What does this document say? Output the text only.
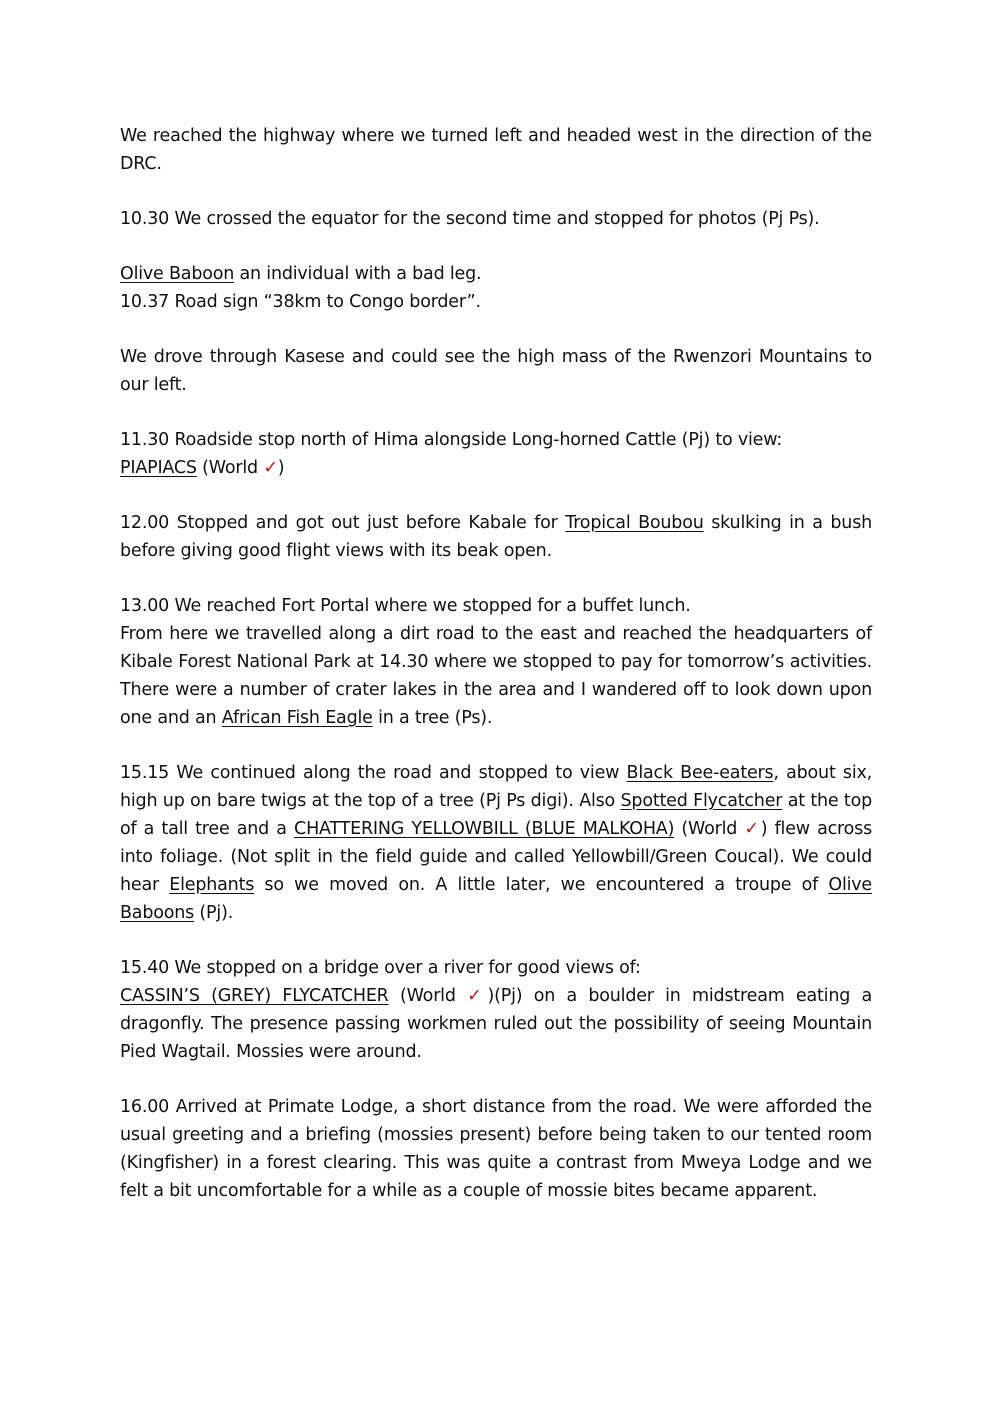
We reached the highway where we turned left and headed west in the direction of the DRC.

10.30 We crossed the equator for the second time and stopped for photos (Pj Ps).

Olive Baboon an individual with a bad leg.

10.37 Road sign “38km to Congo border”.

We drove through Kasese and could see the high mass of the Rwenzori Mountains to our left.

11.30 Roadside stop north of Hima alongside Long-horned Cattle (Pj) to view:

PIAPIACS (World ✓)

12.00 Stopped and got out just before Kabale for Tropical Boubou skulking in a bush before giving good flight views with its beak open.

13.00 We reached Fort Portal where we stopped for a buffet lunch.

From here we travelled along a dirt road to the east and reached the headquarters of Kibale Forest National Park at 14.30 where we stopped to pay for tomorrow’s activities. There were a number of crater lakes in the area and I wandered off to look down upon one and an African Fish Eagle in a tree (Ps).

15.15 We continued along the road and stopped to view Black Bee-eaters, about six, high up on bare twigs at the top of a tree (Pj Ps digi). Also Spotted Flycatcher at the top of a tall tree and a CHATTERING YELLOWBILL (BLUE MALKOHA) (World ✓) flew across into foliage. (Not split in the field guide and called Yellowbill/Green Coucal). We could hear Elephants so we moved on. A little later, we encountered a troupe of Olive Baboons (Pj).

15.40 We stopped on a bridge over a river for good views of:

CASSIN’S (GREY) FLYCATCHER (World ✓)(Pj) on a boulder in midstream eating a dragonfly. The presence passing workmen ruled out the possibility of seeing Mountain Pied Wagtail. Mossies were around.

16.00 Arrived at Primate Lodge, a short distance from the road. We were afforded the usual greeting and a briefing (mossies present) before being taken to our tented room (Kingfisher) in a forest clearing. This was quite a contrast from Mweya Lodge and we felt a bit uncomfortable for a while as a couple of mossie bites became apparent.
